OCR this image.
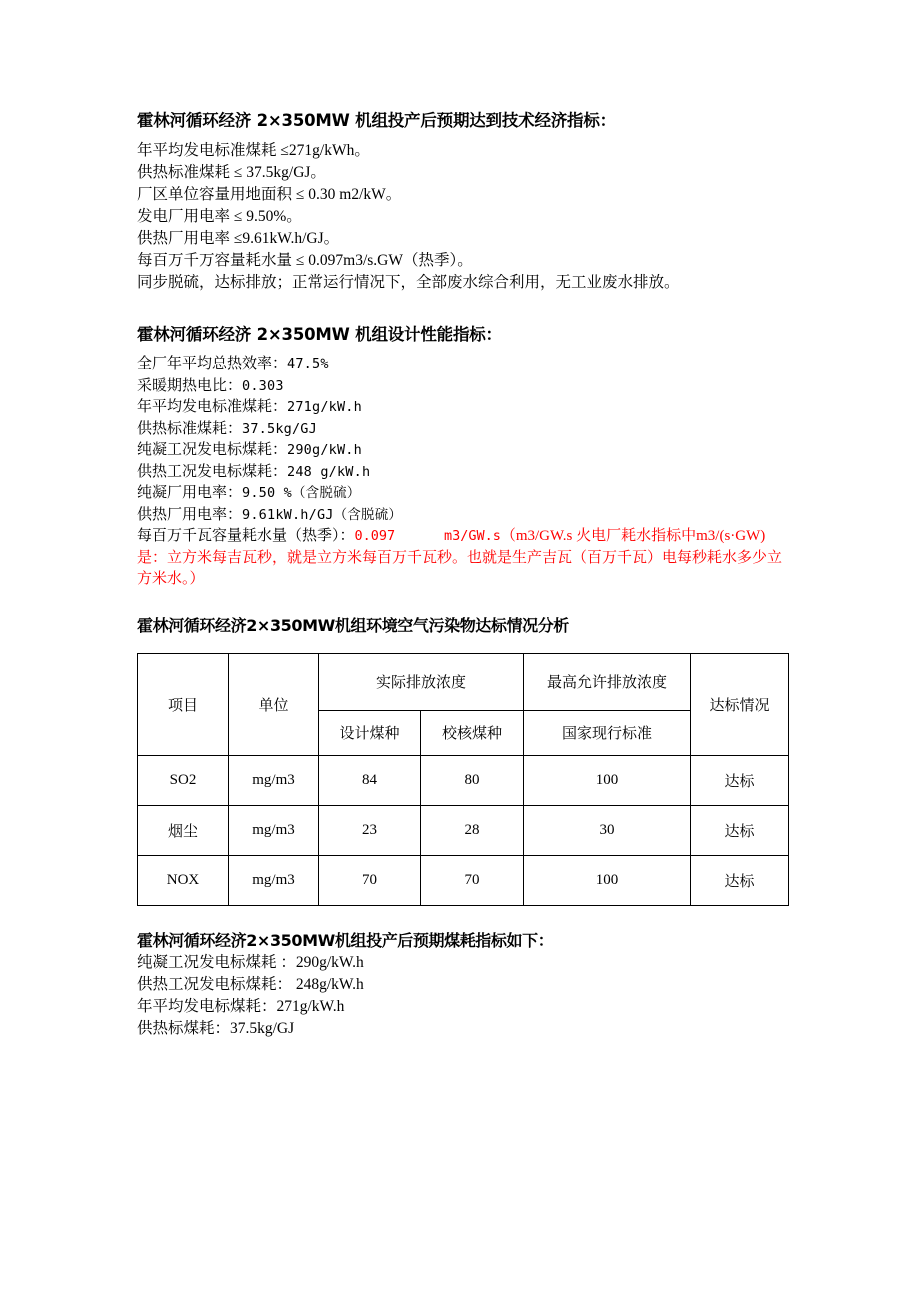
霍林河循环经济 2×350MW 机组投产后预期达到技术经济指标：

年平均发电标准煤耗 ≤271g/kWh。

供热标准煤耗 ≤ 37.5kg/GJ。

厂区单位容量用地面积 ≤ 0.30 m2/kW。

发电厂用电率 ≤ 9.50%。

供热厂用电率 ≤9.61kW.h/GJ。

每百万千万容量耗水量 ≤ 0.097m3/s.GW（热季）。

同步脱硫，达标排放；正常运行情况下，全部废水综合利用，无工业废水排放。

霍林河循环经济 2×350MW 机组设计性能指标：

全厂年平均总热效率：47.5%

采暖期热电比：0.303

年平均发电标准煤耗：271g/kW.h

供热标准煤耗：37.5kg/GJ

纯凝工况发电标煤耗：290g/kW.h

供热工况发电标煤耗：248 g/kW.h

纯凝厂用电率：9.50 %（含脱硫）

供热厂用电率：9.61kW.h/GJ（含脱硫）

每百万千瓦容量耗水量（热季）：0.097	m3/GW.s（m3/GW.s 火电厂耗水指标中m3/(s·GW) 是：立方米每吉瓦秒，就是立方米每百万千瓦秒。也就是生产吉瓦（百万千瓦）电每秒耗水多少立方米水。）

霍林河循环经济2×350MW机组环境空气污染物达标情况分析
项目	单位	实际排放浓度		最高允许排放浓度	达标情况
		设计煤种	校核煤种	国家现行标准	
SO2	mg/m3	84	80	100	达标
烟尘	mg/m3	23	28	30	达标
NOX	mg/m3	70	70	100	达标
霍林河循环经济2×350MW机组投产后预期煤耗指标如下：

纯凝工况发电标煤耗 ：290g/kW.h

供热工况发电标煤耗： 248g/kW.h

年平均发电标煤耗：271g/kW.h

供热标煤耗：37.5kg/GJ
